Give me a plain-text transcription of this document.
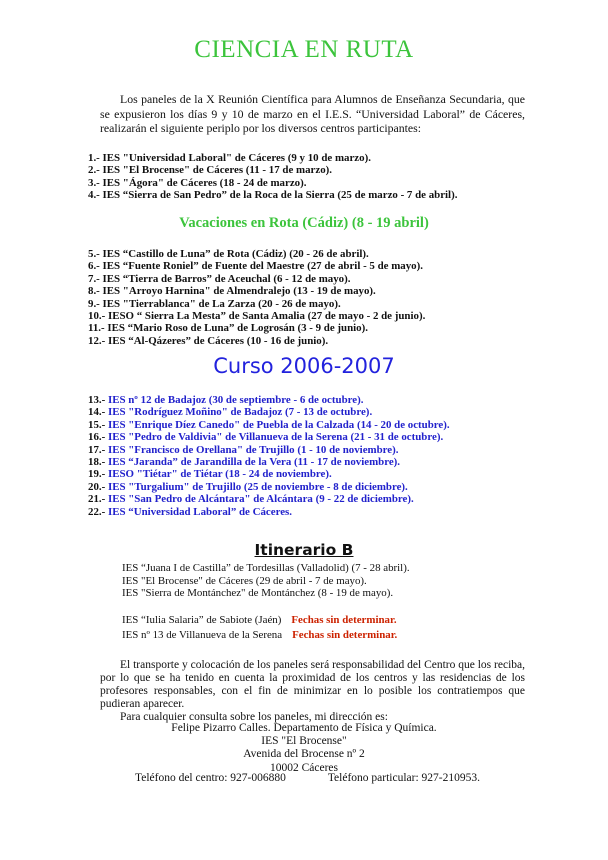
CIENCIA EN RUTA

Los paneles de la X Reunión Científica para Alumnos de Enseñanza Secundaria, que se expusieron los días 9 y 10 de marzo en el I.E.S. “Universidad Laboral” de Cáceres, realizarán el siguiente periplo por los diversos centros participantes:

1.- IES "Universidad Laboral" de Cáceres (9 y 10 de marzo).
2.- IES "El Brocense" de Cáceres (11 - 17 de marzo).
3.- IES "Ágora" de Cáceres (18 - 24 de marzo).
4.- IES “Sierra de San Pedro” de la Roca de la Sierra (25 de marzo - 7 de abril).
Vacaciones en Rota (Cádiz) (8 - 19 abril)
5.- IES “Castillo de Luna” de Rota (Cádiz) (20 - 26 de abril).
6.- IES “Fuente Roniel” de Fuente del Maestre (27 de abril - 5 de mayo).
7.- IES “Tierra de Barros” de Aceuchal (6 - 12 de mayo).
8.- IES "Arroyo Harnina" de Almendralejo (13 - 19 de mayo).
9.- IES "Tierrablanca" de La Zarza (20 - 26 de mayo).
10.- IESO “ Sierra La Mesta” de Santa Amalia (27 de mayo - 2 de junio).
11.- IES “Mario Roso de Luna” de Logrosán (3 - 9 de junio).
12.- IES “Al-Qázeres” de Cáceres (10 - 16 de junio).
Curso 2006-2007
13.- IES nº 12 de Badajoz (30 de septiembre - 6 de octubre).
14.- IES "Rodríguez Moñino" de Badajoz (7 - 13 de octubre).
15.- IES "Enrique Díez Canedo" de Puebla de la Calzada (14 - 20 de octubre).
16.- IES "Pedro de Valdivia" de Villanueva de la Serena (21 - 31 de octubre).
17.- IES "Francisco de Orellana" de Trujillo (1 - 10 de noviembre).
18.- IES “Jaranda” de Jarandilla de la Vera (11 - 17 de noviembre).
19.- IESO "Tiétar" de Tiétar (18 - 24 de noviembre).
20.- IES "Turgalium" de Trujillo (25 de noviembre - 8 de diciembre).
21.- IES "San Pedro de Alcántara" de Alcántara (9 - 22 de diciembre).
22.- IES “Universidad Laboral” de Cáceres.
Itinerario B
IES “Juana I de Castilla” de Tordesillas (Valladolid) (7 - 28 abril).
IES "El Brocense" de Cáceres (29 de abril - 7 de mayo).
IES "Sierra de Montánchez" de Montánchez (8 - 19 de mayo).
IES “Iulia Salaria” de Sabiote (Jaén) Fechas sin determinar.
IES nº 13 de Villanueva de la Serena Fechas sin determinar.

El transporte y colocación de los paneles será responsabilidad del Centro que los reciba, por lo que se ha tenido en cuenta la proximidad de los centros y las residencias de los profesores responsables, con el fin de minimizar en lo posible los contratiempos que pudieran aparecer.

Para cualquier consulta sobre los paneles, mi dirección es:

Felipe Pizarro Calles. Departamento de Física y Química.
IES "El Brocense"
Avenida del Brocense nº 2
10002 Cáceres
Teléfono del centro: 927-006880	Teléfono particular: 927-210953.
